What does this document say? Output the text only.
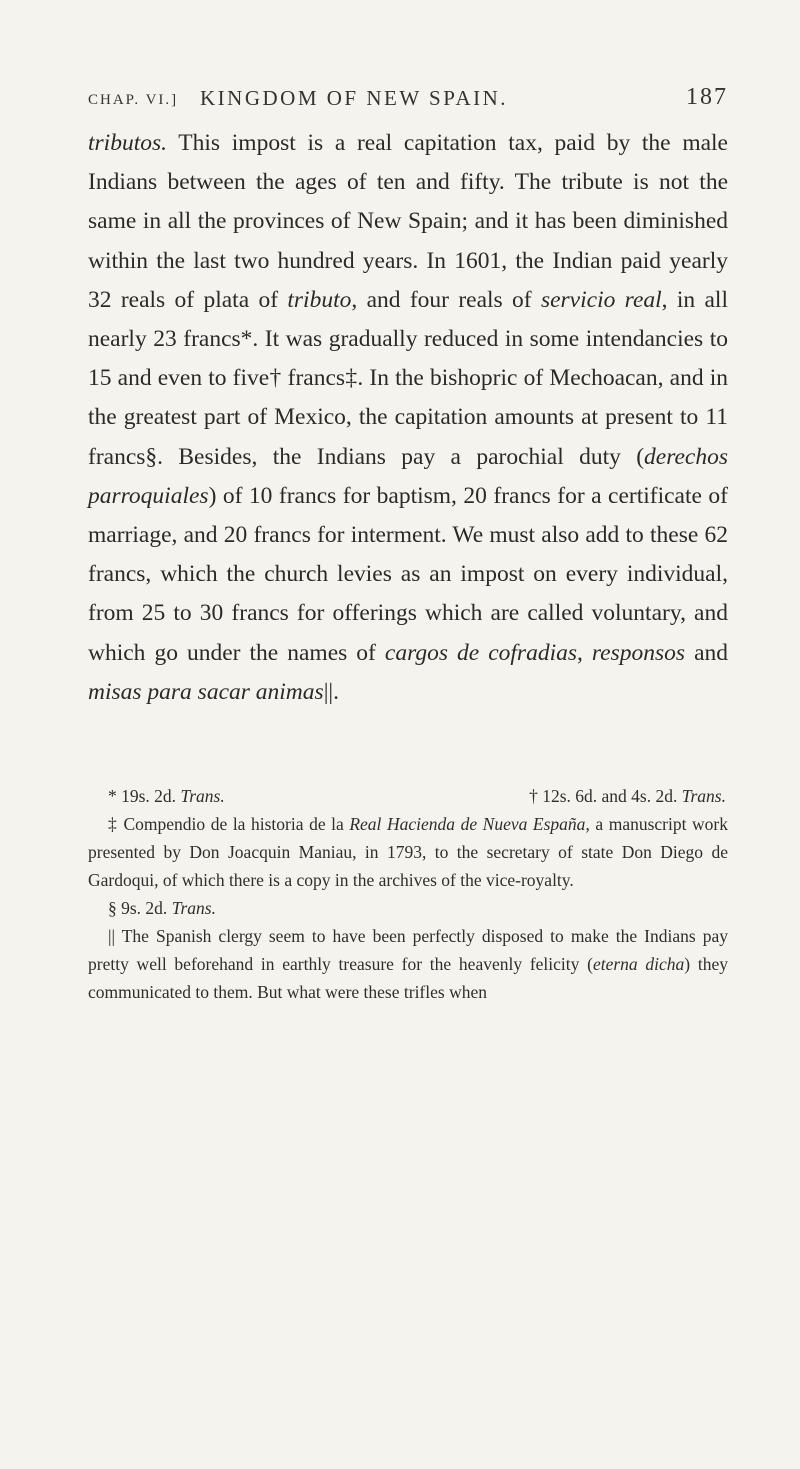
CHAP. VI.] KINGDOM OF NEW SPAIN.	187

tributos. This impost is a real capitation tax, paid by the male Indians between the ages of ten and fifty. The tribute is not the same in all the provinces of New Spain; and it has been diminished within the last two hundred years. In 1601, the Indian paid yearly 32 reals of plata of tributo, and four reals of servicio real, in all nearly 23 francs*. It was gradually reduced in some intendancies to 15 and even to five† francs‡. In the bishopric of Mechoacan, and in the greatest part of Mexico, the capitation amounts at present to 11 francs§. Besides, the Indians pay a parochial duty (derechos parroquiales) of 10 francs for baptism, 20 francs for a certificate of marriage, and 20 francs for interment. We must also add to these 62 francs, which the church levies as an impost on every individual, from 25 to 30 francs for offerings which are called voluntary, and which go under the names of cargos de cofradias, responsos and misas para sacar animas||.

* 19s. 2d. Trans.	† 12s. 6d. and 4s. 2d. Trans.

‡ Compendio de la historia de la Real Hacienda de Nueva España, a manuscript work presented by Don Joacquin Maniau, in 1793, to the secretary of state Don Diego de Gardoqui, of which there is a copy in the archives of the vice-royalty.

§ 9s. 2d. Trans.

|| The Spanish clergy seem to have been perfectly disposed to make the Indians pay pretty well beforehand in earthly treasure for the heavenly felicity (eterna dicha) they communicated to them. But what were these trifles when
